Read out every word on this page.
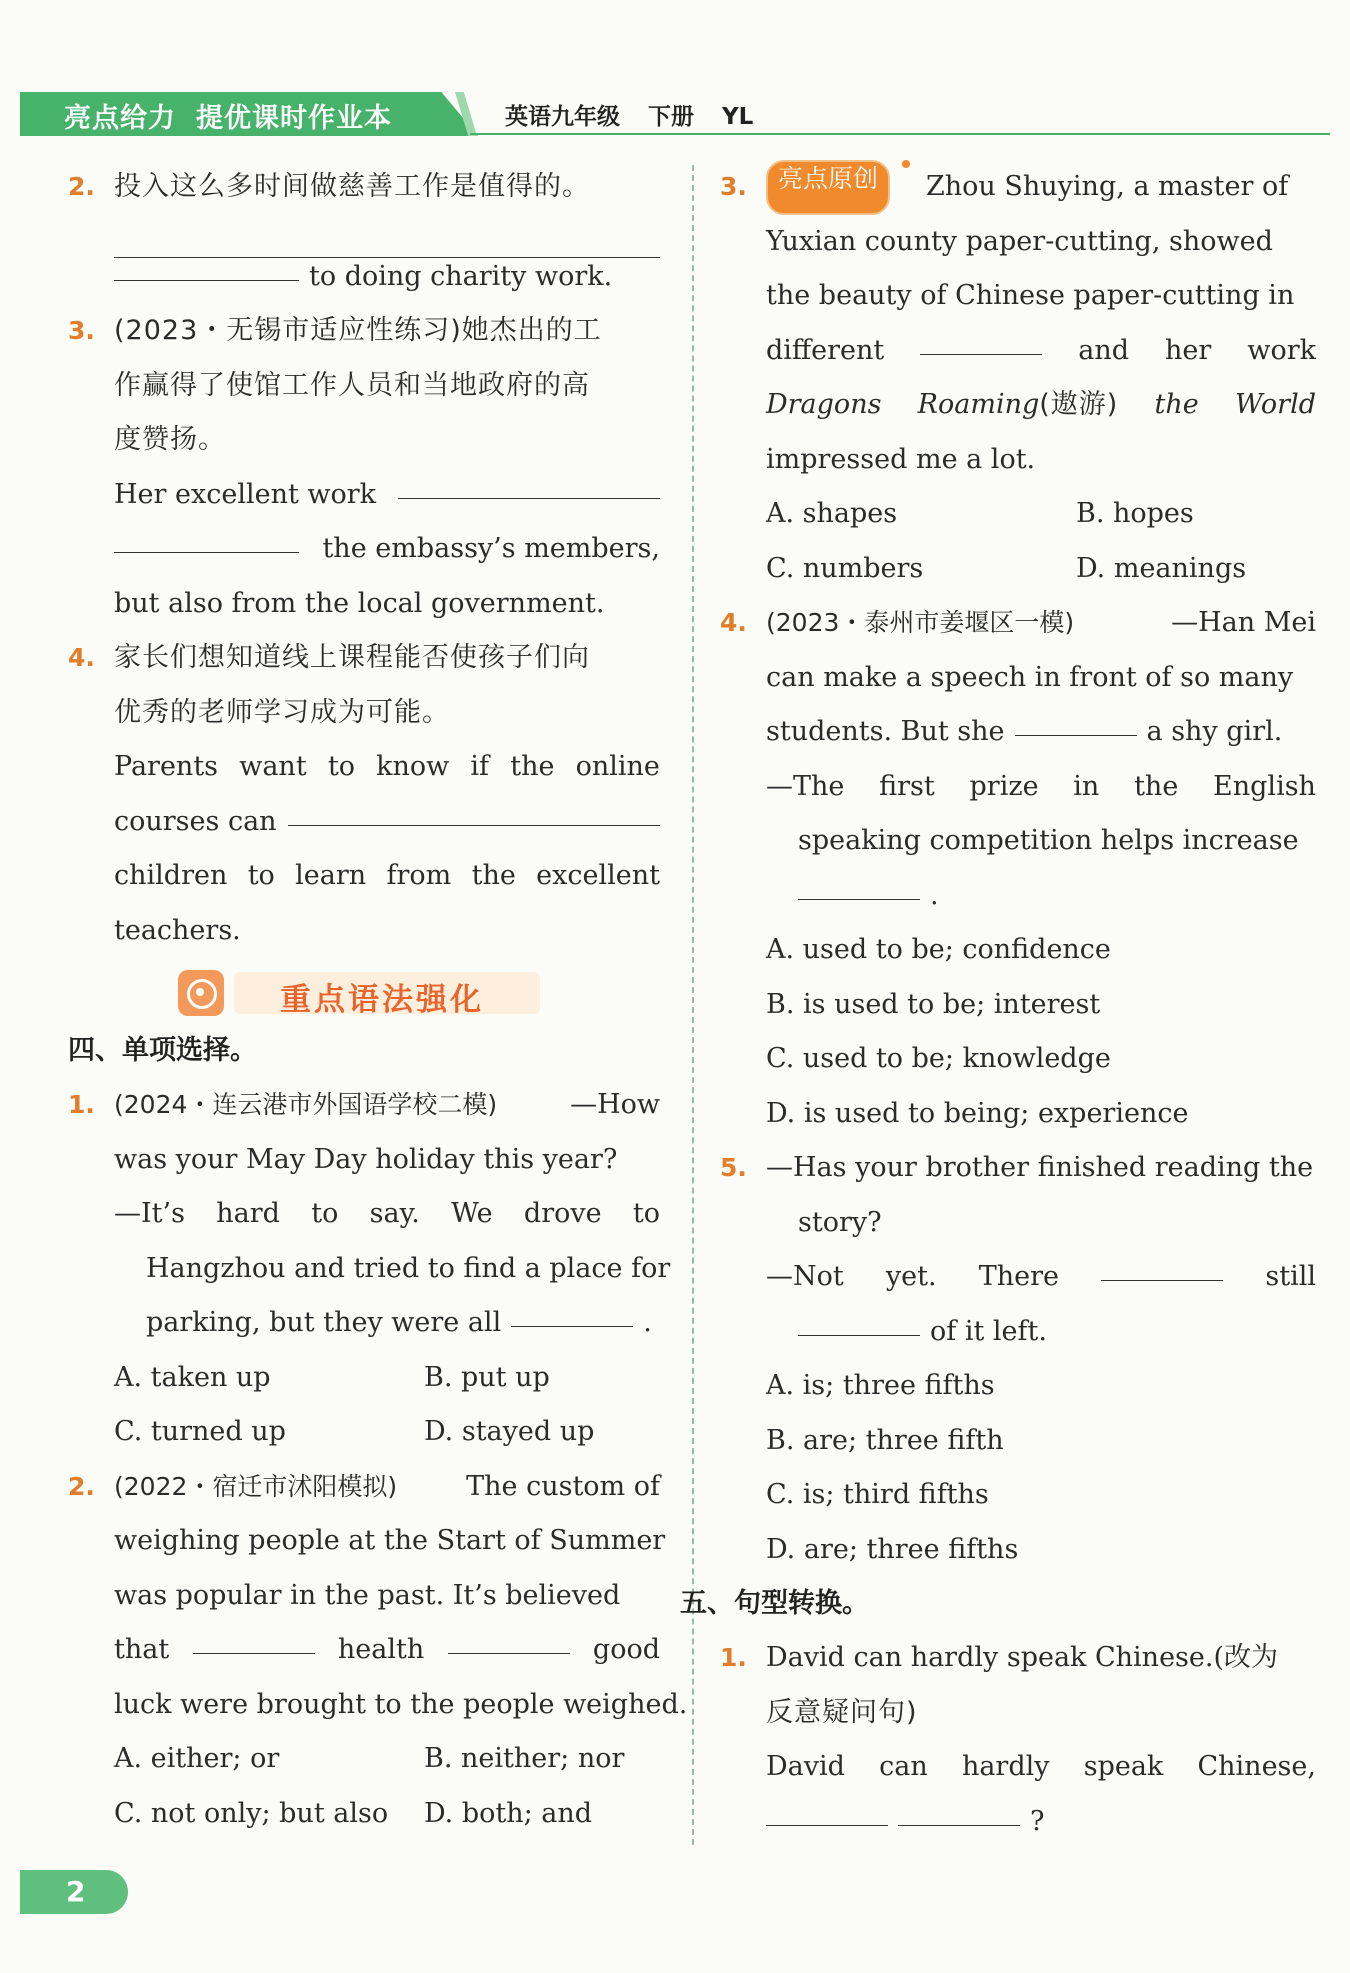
亮点给力 提优课时作业本	英语九年级 下册 YL
2. 投入这么多时间做慈善工作是值得的。
to doing charity work.
3. (2023・无锡市适应性练习)她杰出的工
作赢得了使馆工作人员和当地政府的高
度赞扬。
Her excellent work
the embassy’s members,
but also from the local government.
4. 家长们想知道线上课程能否使孩子们向
优秀的老师学习成为可能。
Parents want to know if the online
courses can
children to learn from the excellent
teachers.
重点语法强化
四、单项选择。
1. (2024・连云港市外国语学校二模)	—How
was your May Day holiday this year?
—It’s hard to say. We drove to
Hangzhou and tried to find a place for
parking, but they were all	.
A. taken up	B. put up
C. turned up	D. stayed up
2. (2022・宿迁市沭阳模拟)	The custom of
weighing people at the Start of Summer
was popular in the past. It’s believed
that	health	good
luck were brought to the people weighed.
A. either; or	B. neither; nor
C. not only; but also	D. both; and
3.	亮点原创	Zhou Shuying, a master of
Yuxian county paper-cutting, showed
the beauty of Chinese paper-cutting in
different	and her work
Dragons Roaming(遨游) the World
impressed me a lot.
A. shapes	B. hopes
C. numbers	D. meanings
4. (2023・泰州市姜堰区一模)	—Han Mei
can make a speech in front of so many
students. But she	a shy girl.
—The first prize in the English
speaking competition helps increase
.
A. used to be; confidence
B. is used to be; interest
C. used to be; knowledge
D. is used to being; experience
5. —Has your brother finished reading the
story?
—Not yet. There	still
of it left.
A. is; three fifths
B. are; three fifth
C. is; third fifths
D. are; three fifths
五、句型转换。
1. David can hardly speak Chinese.(改为
反意疑问句)
David can hardly speak Chinese,
?
2
